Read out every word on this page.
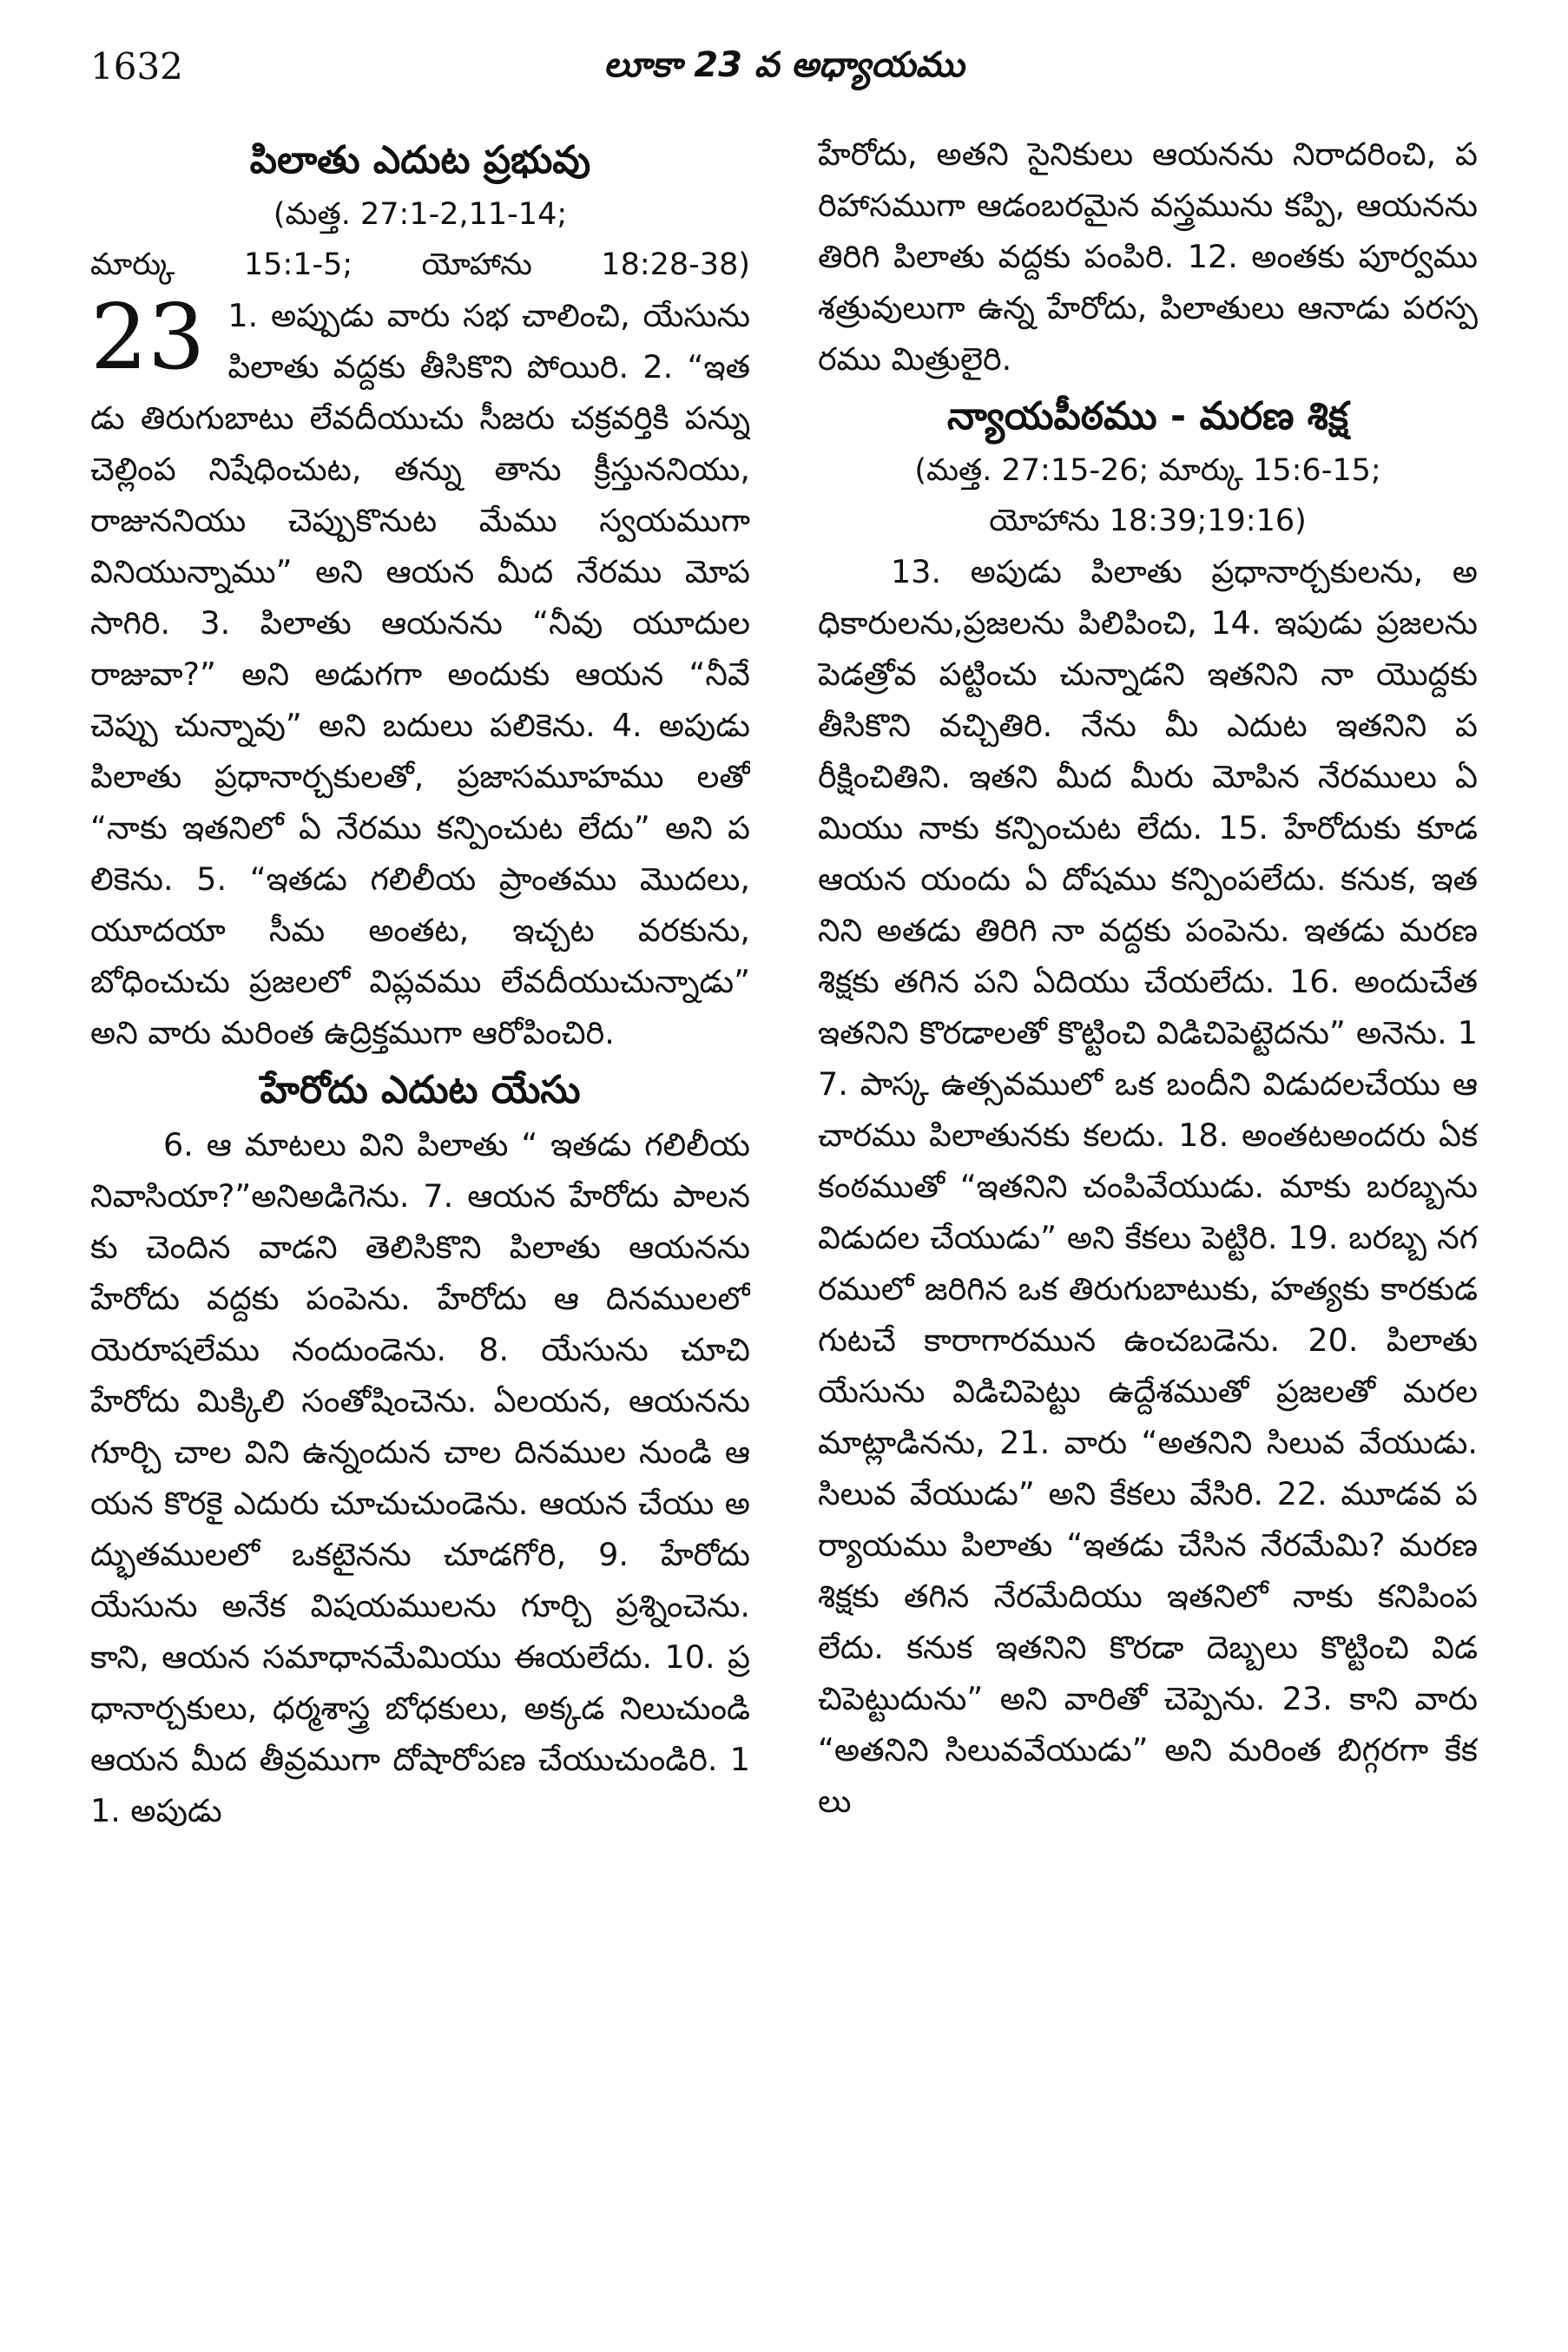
1632	లూకా 23 వ అధ్యాయము
పిలాతు ఎదుట ప్రభువు
(మత్త. 27:1-2,11-14;
మార్కు 15:1-5; యోహాను 18:28-38)
23 1. అప్పుడు వారు సభ చాలించి, యేసును పిలాతు వద్దకు తీసికొని పోయిరి. 2. “ఇతడు తిరుగుబాటు లేవదీయుచు సీజరు చక్రవర్తికి పన్ను చెల్లింప నిషేధించుట, తన్ను తాను క్రీస్తుననియు, రాజుననియు చెప్పుకొనుట మేము స్వయముగా వినియున్నాము” అని ఆయన మీద నేరము మోపసాగిరి. 3. పిలాతు ఆయనను “నీవు యూదుల రాజువా?” అని అడుగగా అందుకు ఆయన “నీవే చెప్పు చున్నావు” అని బదులు పలికెను. 4. అపుడు పిలాతు ప్రధానార్చకులతో, ప్రజాసమూహము లతో “నాకు ఇతనిలో ఏ నేరము కన్పించుట లేదు” అని పలికెను. 5. “ఇతడు గలిలీయ ప్రాంతము మొదలు, యూదయా సీమ అంతట, ఇచ్చట వరకును, బోధించుచు ప్రజలలో విప్లవము లేవదీయుచున్నాడు” అని వారు మరింత ఉద్రిక్తముగా ఆరోపించిరి.

హేరోదు ఎదుట యేసు

6. ఆ మాటలు విని పిలాతు “ ఇతడు గలిలీయ నివాసియా?”అనిఅడిగెను. 7. ఆయన హేరోదు పాలనకు చెందిన వాడని తెలిసికొని పిలాతు ఆయనను హేరోదు వద్దకు పంపెను. హేరోదు ఆ దినములలో యెరూషలేము నందుండెను. 8. యేసును చూచి హేరోదు మిక్కిలి సంతోషించెను. ఏలయన, ఆయనను గూర్చి చాల విని ఉన్నందున చాల దినముల నుండి ఆయన కొరకై ఎదురు చూచుచుండెను. ఆయన చేయు అద్భుతములలో ఒకటైనను చూడగోరి, 9. హేరోదు యేసును అనేక విషయములను గూర్చి ప్రశ్నించెను. కాని, ఆయన సమాధానమేమియు ఈయలేదు. 10. ప్రధానార్చకులు, ధర్మశాస్త్ర బోధకులు, అక్కడ నిలుచుండి ఆయన మీద తీవ్రముగా దోషారోపణ చేయుచుండిరి. 11. అపుడు

హేరోదు, అతని సైనికులు ఆయనను నిరాదరించి, పరిహాసముగా ఆడంబరమైన వస్త్రమును కప్పి, ఆయనను తిరిగి పిలాతు వద్దకు పంపిరి. 12. అంతకు పూర్వము శత్రువులుగా ఉన్న హేరోదు, పిలాతులు ఆనాడు పరస్పరము మిత్రులైరి.

న్యాయపీఠము - మరణ శిక్ష
(మత్త. 27:15-26; మార్కు 15:6-15;
యోహాను 18:39;19:16)

13. అపుడు పిలాతు ప్రధానార్చకులను, అధికారులను,ప్రజలను పిలిపించి, 14. ఇపుడు ప్రజలను పెడత్రోవ పట్టించు చున్నాడని ఇతనిని నా యొద్దకు తీసికొని వచ్చితిరి. నేను మీ ఎదుట ఇతనిని పరీక్షించితిని. ఇతని మీద మీరు మోపిన నేరములు ఏమియు నాకు కన్పించుట లేదు. 15. హేరోదుకు కూడ ఆయన యందు ఏ దోషము కన్పింపలేదు. కనుక, ఇతనిని అతడు తిరిగి నా వద్దకు పంపెను. ఇతడు మరణ శిక్షకు తగిన పని ఏదియు చేయలేదు. 16. అందుచేత ఇతనిని కొరడాలతో కొట్టించి విడిచిపెట్టెదను” అనెను. 17. పాస్క ఉత్సవములో ఒక బందీని విడుదలచేయు ఆచారము పిలాతునకు కలదు. 18. అంతటఅందరు ఏక కంఠముతో “ఇతనిని చంపివేయుడు. మాకు బరబ్బను విడుదల చేయుడు” అని కేకలు పెట్టిరి. 19. బరబ్బ నగరములో జరిగిన ఒక తిరుగుబాటుకు, హత్యకు కారకుడగుటచే కారాగారమున ఉంచబడెను. 20. పిలాతు యేసును విడిచిపెట్టు ఉద్దేశముతో ప్రజలతో మరల మాట్లాడినను, 21. వారు “అతనిని సిలువ వేయుడు. సిలువ వేయుడు” అని కేకలు వేసిరి. 22. మూడవ పర్యాయము పిలాతు “ఇతడు చేసిన నేరమేమి? మరణ శిక్షకు తగిన నేరమేదియు ఇతనిలో నాకు కనిపింప లేదు. కనుక ఇతనిని కొరడా దెబ్బలు కొట్టించి విడచిపెట్టుదును” అని వారితో చెప్పెను. 23. కాని వారు “అతనిని సిలువవేయుడు” అని మరింత బిగ్గరగా కేకలు
